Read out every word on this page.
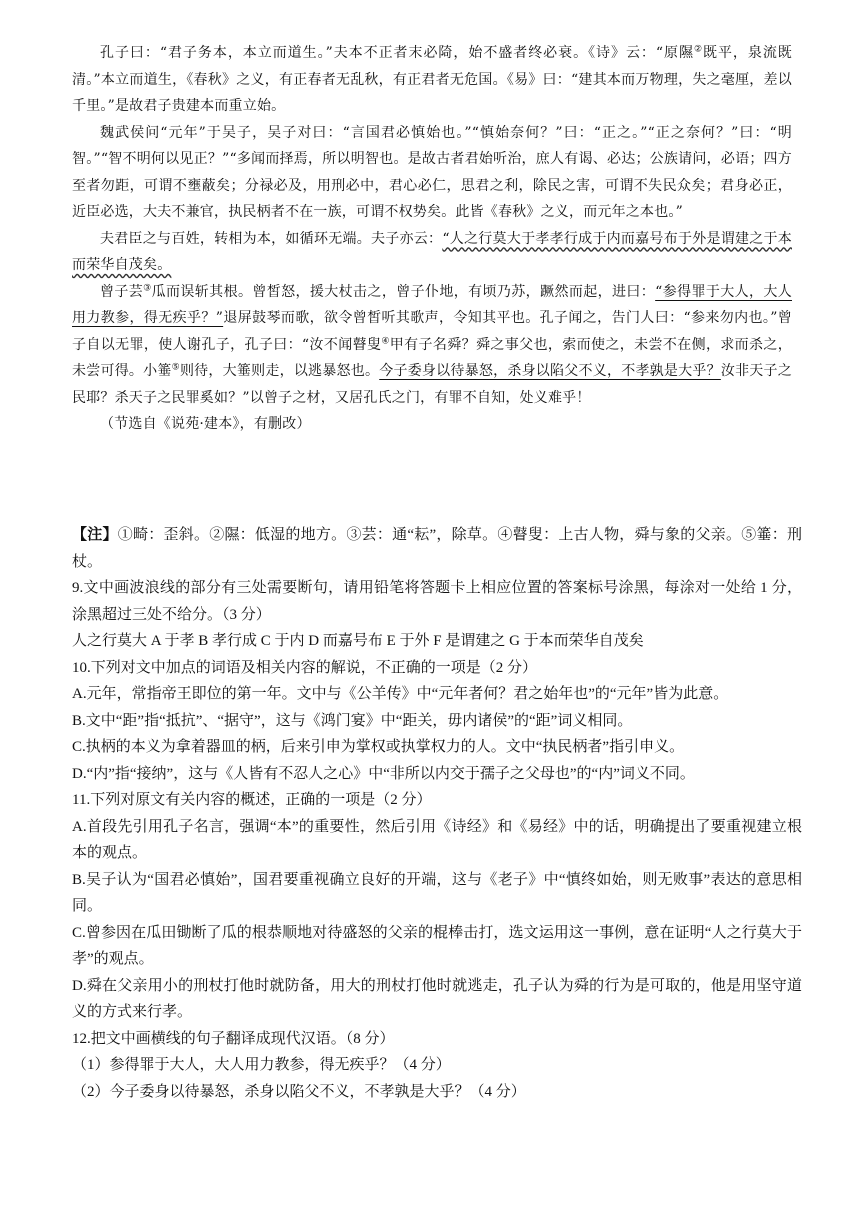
孔子曰：“君子务本，本立而道生。”夫本不正者末必陭，始不盛者终必衰。《诗》云：“原隰②既平，泉流既清。”本立而道生，《春秋》之义，有正春者无乱秋，有正君者无危国。《易》曰：“建其本而万物理，失之毫厘，差以千里。”是故君子贵建本而重立始。

魏武侯问“元年”于吴子，吴子对曰：“言国君必慎始也。”“慎始奈何？”曰：“正之。”“正之奈何？”曰：“明智。”“智不明何以见正？”“多闻而择焉，所以明智也。是故古者君始听治，庶人有谒、必达；公族请问，必语；四方至者勿距，可谓不壅蔽矣；分禄必及，用刑必中，君心必仁，思君之利，除民之害，可谓不失民众矣；君身必正，近臣必选，大夫不兼官，执民柄者不在一族，可谓不权势矣。此皆《春秋》之义，而元年之本也。”

夫君臣之与百姓，转相为本，如循环无端。夫子亦云：“人之行莫大于孝孝行成于内而嘉号布于外是谓建之于本而荣华自茂矣。

曾子芸③瓜而误斩其根。曾皙怒，援大杖击之，曾子仆地，有顷乃苏，蹶然而起，进曰：“参得罪于大人，大人用力教参，得无疾乎？”退屏鼓琴而歌，欲令曾皙听其歌声，令知其平也。孔子闻之，告门人曰：“参来勿内也。”曾子自以无罪，使人谢孔子，孔子曰：“汝不闻瞽叟④甲有子名舜？舜之事父也，索而使之，未尝不在侧，求而杀之，未尝可得。小箠⑤则待，大箠则走，以逃暴怒也。今子委身以待暴怒，杀身以陷父不义，不孝孰是大乎？汝非天子之民耶？杀天子之民罪奚如？”以曾子之材，又居孔氏之门，有罪不自知，处义难乎！

（节选自《说苑·建本》，有删改）

【注】①畸：歪斜。②隰：低湿的地方。③芸：通“耘”，除草。④瞽叟：上古人物，舜与象的父亲。⑤箠：刑杖。

9.文中画波浪线的部分有三处需要断句，请用铅笔将答题卡上相应位置的答案标号涂黑，每涂对一处给 1 分，涂黑超过三处不给分。（3 分）

人之行莫大 A 于孝 B 孝行成 C 于内 D 而嘉号布 E 于外 F 是谓建之 G 于本而荣华自茂矣

10.下列对文中加点的词语及相关内容的解说，不正确的一项是（2 分）

A.元年，常指帝王即位的第一年。文中与《公羊传》中“元年者何？君之始年也”的“元年”皆为此意。

B.文中“距”指“抵抗”、“据守”，这与《鸿门宴》中“距关，毋内诸侯”的“距”词义相同。

C.执柄的本义为拿着器皿的柄，后来引申为掌权或执掌权力的人。文中“执民柄者”指引申义。

D.“内”指“接纳”，这与《人皆有不忍人之心》中“非所以内交于孺子之父母也”的“内”词义不同。

11.下列对原文有关内容的概述，正确的一项是（2 分）

A.首段先引用孔子名言，强调“本”的重要性，然后引用《诗经》和《易经》中的话，明确提出了要重视建立根本的观点。

B.吴子认为“国君必慎始”，国君要重视确立良好的开端，这与《老子》中“慎终如始，则无败事”表达的意思相同。

C.曾参因在瓜田锄断了瓜的根恭顺地对待盛怒的父亲的棍棒击打，选文运用这一事例，意在证明“人之行莫大于孝”的观点。

D.舜在父亲用小的刑杖打他时就防备，用大的刑杖打他时就逃走，孔子认为舜的行为是可取的，他是用坚守道义的方式来行孝。

12.把文中画横线的句子翻译成现代汉语。（8 分）

（1）参得罪于大人，大人用力教参，得无疾乎？（4 分）

（2）今子委身以待暴怒，杀身以陷父不义，不孝孰是大乎？（4 分）
